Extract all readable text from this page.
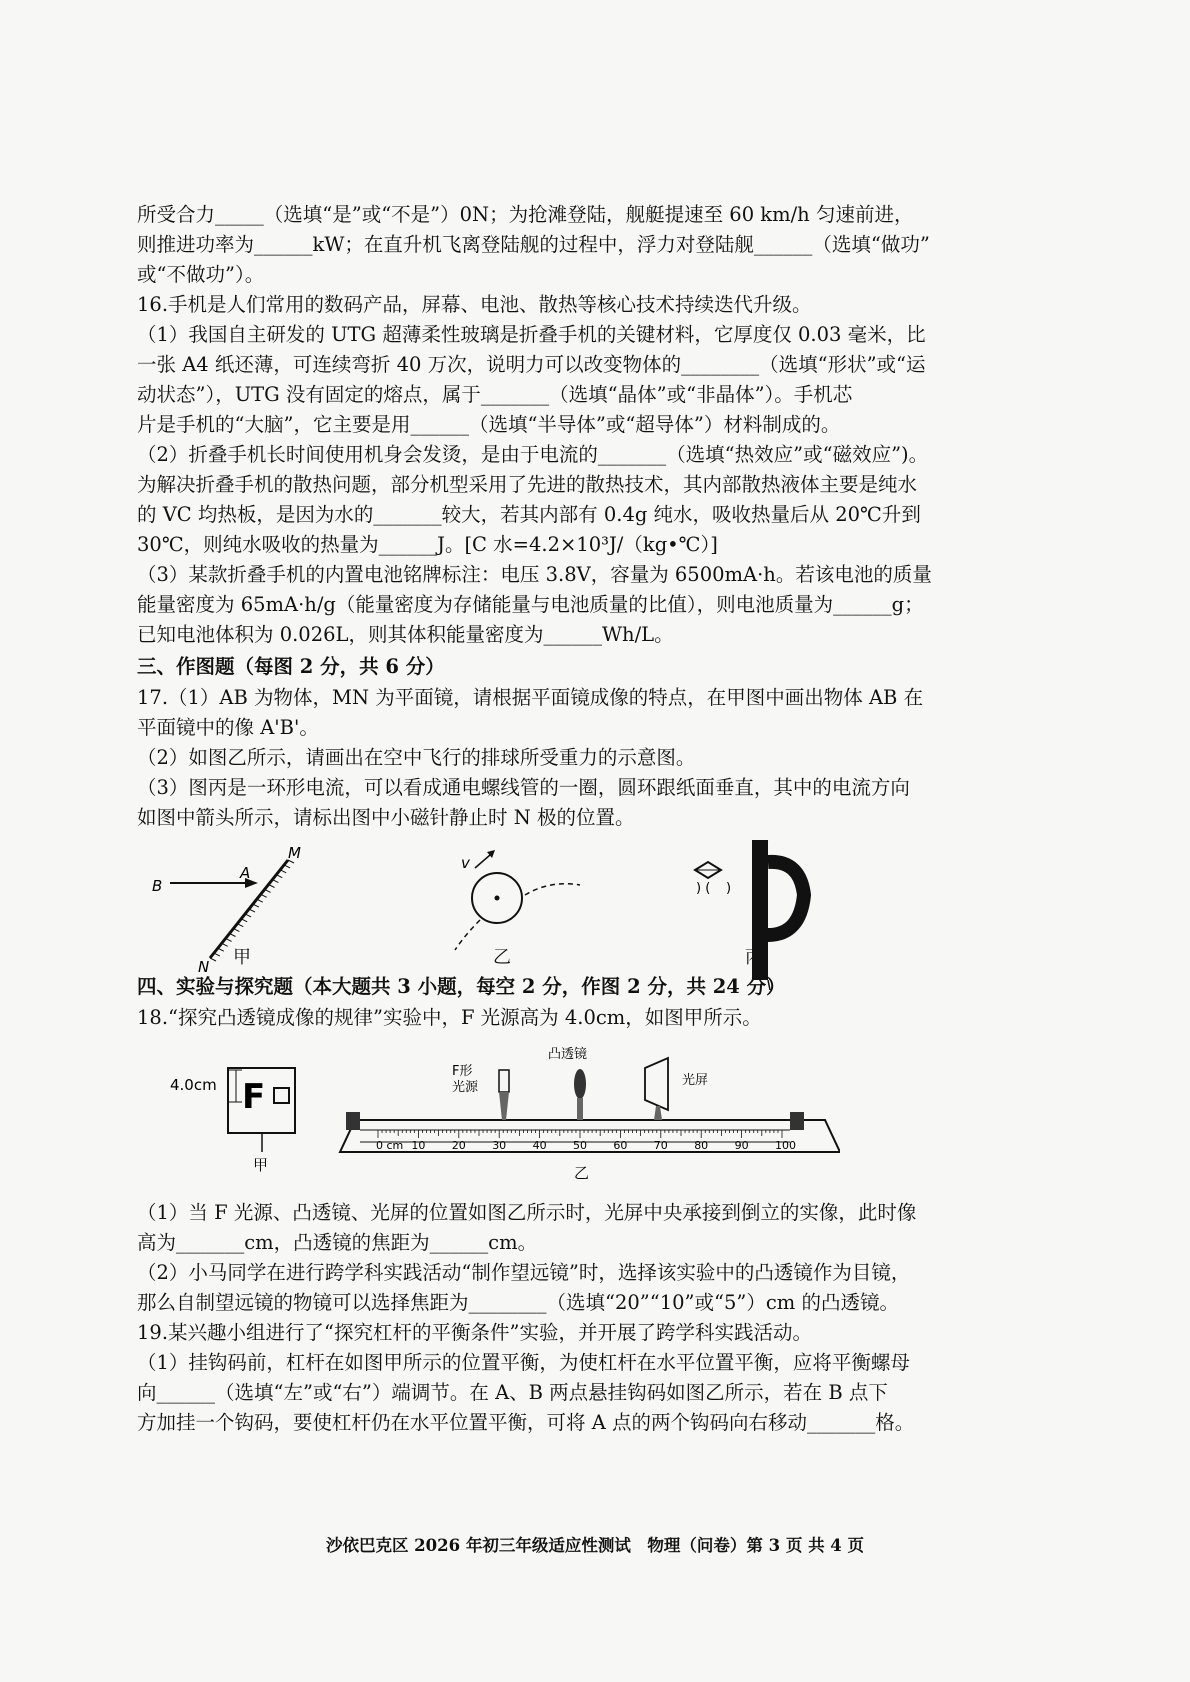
所受合力_____（选填“是”或“不是”）0N；为抢滩登陆，舰艇提速至 60 km/h 匀速前进，
则推进功率为______kW；在直升机飞离登陆舰的过程中，浮力对登陆舰______（选填“做功”
或“不做功”）。
16.手机是人们常用的数码产品，屏幕、电池、散热等核心技术持续迭代升级。
（1）我国自主研发的 UTG 超薄柔性玻璃是折叠手机的关键材料，它厚度仅 0.03 毫米，比
一张 A4 纸还薄，可连续弯折 40 万次，说明力可以改变物体的________（选填“形状”或“运
动状态”），UTG 没有固定的熔点，属于_______（选填“晶体”或“非晶体”）。手机芯
片是手机的“大脑”，它主要是用______（选填“半导体”或“超导体”）材料制成的。
（2）折叠手机长时间使用机身会发烫，是由于电流的_______（选填“热效应”或“磁效应”)。
为解决折叠手机的散热问题，部分机型采用了先进的散热技术，其内部散热液体主要是纯水
的 VC 均热板，是因为水的_______较大，若其内部有 0.4g 纯水，吸收热量后从 20℃升到
30℃，则纯水吸收的热量为______J。[C 水=4.2×10³J/（kg•℃）]
（3）某款折叠手机的内置电池铭牌标注：电压 3.8V，容量为 6500mA·h。若该电池的质量
能量密度为 65mA·h/g（能量密度为存储能量与电池质量的比值），则电池质量为______g；
已知电池体积为 0.026L，则其体积能量密度为______Wh/L。
三、作图题（每图 2 分，共 6 分）
17.（1）AB 为物体，MN 为平面镜，请根据平面镜成像的特点，在甲图中画出物体 AB 在
平面镜中的像 A'B'。
（2）如图乙所示，请画出在空中飞行的排球所受重力的示意图。
（3）图丙是一环形电流，可以看成通电螺线管的一圈，圆环跟纸面垂直，其中的电流方向
如图中箭头所示，请标出图中小磁针静止时 N 极的位置。
B
A
M
N
v
) ( )
甲	乙	丙
四、实验与探究题（本大题共 3 小题，每空 2 分，作图 2 分，共 24 分）
18.“探究凸透镜成像的规律”实验中，F 光源高为 4.0cm，如图甲所示。
F
4.0cm
甲
0 cm 10 20 30 40 50 60 70 80 90 100
F形
光源
凸透镜
光屏
乙
（1）当 F 光源、凸透镜、光屏的位置如图乙所示时，光屏中央承接到倒立的实像，此时像
高为_______cm，凸透镜的焦距为______cm。
（2）小马同学在进行跨学科实践活动“制作望远镜”时，选择该实验中的凸透镜作为目镜，
那么自制望远镜的物镜可以选择焦距为________（选填“20”“10”或“5”）cm 的凸透镜。
19.某兴趣小组进行了“探究杠杆的平衡条件”实验，并开展了跨学科实践活动。
（1）挂钩码前，杠杆在如图甲所示的位置平衡，为使杠杆在水平位置平衡，应将平衡螺母
向______（选填“左”或“右”）端调节。在 A、B 两点悬挂钩码如图乙所示，若在 B 点下
方加挂一个钩码，要使杠杆仍在水平位置平衡，可将 A 点的两个钩码向右移动_______格。
沙依巴克区 2026 年初三年级适应性测试　物理（问卷）第 3 页 共 4 页
